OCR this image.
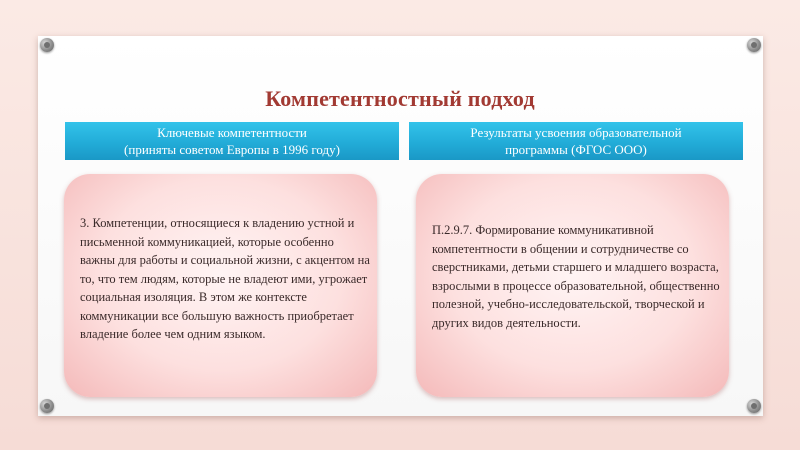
Компетентностный подход
Ключевые компетентности
(приняты советом Европы в 1996 году)
Результаты усвоения образовательной
программы (ФГОС ООО)
3. Компетенции, относящиеся к владению устной и письменной коммуникацией, которые особенно важны для работы и социальной жизни, с акцентом на то, что тем людям, которые не владеют ими, угрожает социальная изоляция. В этом же контексте коммуникации все большую важность приобретает владение более чем одним языком.
П.2.9.7. Формирование коммуникативной компетентности в общении и сотрудничестве со сверстниками, детьми старшего и младшего возраста, взрослыми в процессе образовательной, общественно полезной, учебно-исследовательской, творческой и других видов деятельности.
